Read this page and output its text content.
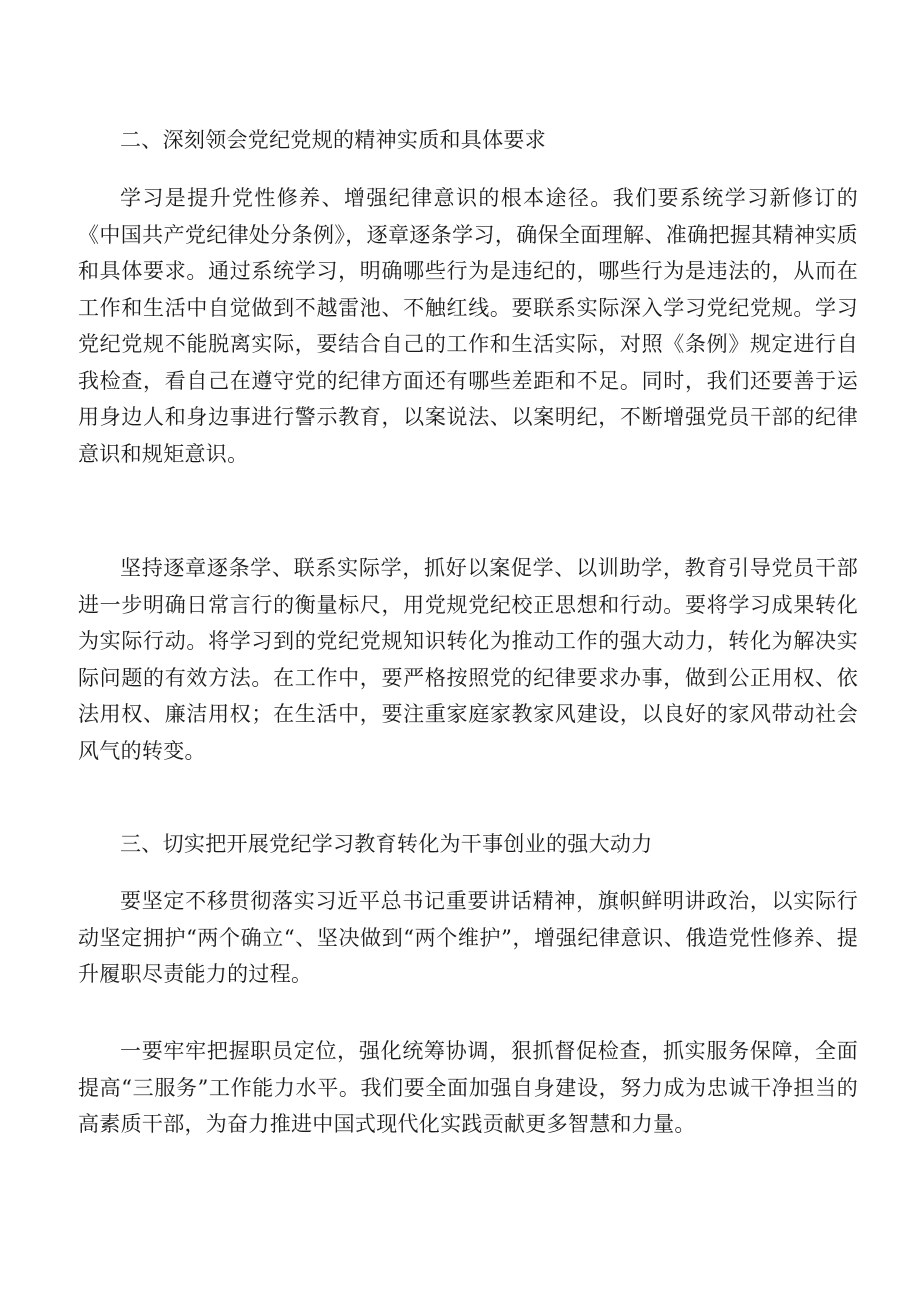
二、深刻领会党纪党规的精神实质和具体要求

学习是提升党性修养、增强纪律意识的根本途径。我们要系统学习新修订的《中国共产党纪律处分条例》，逐章逐条学习，确保全面理解、准确把握其精神实质和具体要求。通过系统学习，明确哪些行为是违纪的，哪些行为是违法的，从而在工作和生活中自觉做到不越雷池、不触红线。要联系实际深入学习党纪党规。学习党纪党规不能脱离实际，要结合自己的工作和生活实际，对照《条例》规定进行自我检查，看自己在遵守党的纪律方面还有哪些差距和不足。同时，我们还要善于运用身边人和身边事进行警示教育，以案说法、以案明纪，不断增强党员干部的纪律意识和规矩意识。

坚持逐章逐条学、联系实际学，抓好以案促学、以训助学，教育引导党员干部进一步明确日常言行的衡量标尺，用党规党纪校正思想和行动。要将学习成果转化为实际行动。将学习到的党纪党规知识转化为推动工作的强大动力，转化为解决实际问题的有效方法。在工作中，要严格按照党的纪律要求办事，做到公正用权、依法用权、廉洁用权；在生活中，要注重家庭家教家风建设，以良好的家风带动社会风气的转变。

三、切实把开展党纪学习教育转化为干事创业的强大动力

要坚定不移贯彻落实习近平总书记重要讲话精神，旗帜鲜明讲政治，以实际行动坚定拥护“两个确立“、坚决做到“两个维护”，增强纪律意识、俄造党性修养、提升履职尽责能力的过程。

一要牢牢把握职员定位，强化统筹协调，狠抓督促检查，抓实服务保障，全面提高“三服务”工作能力水平。我们要全面加强自身建设，努力成为忠诚干净担当的高素质干部，为奋力推进中国式现代化实践贡献更多智慧和力量。
